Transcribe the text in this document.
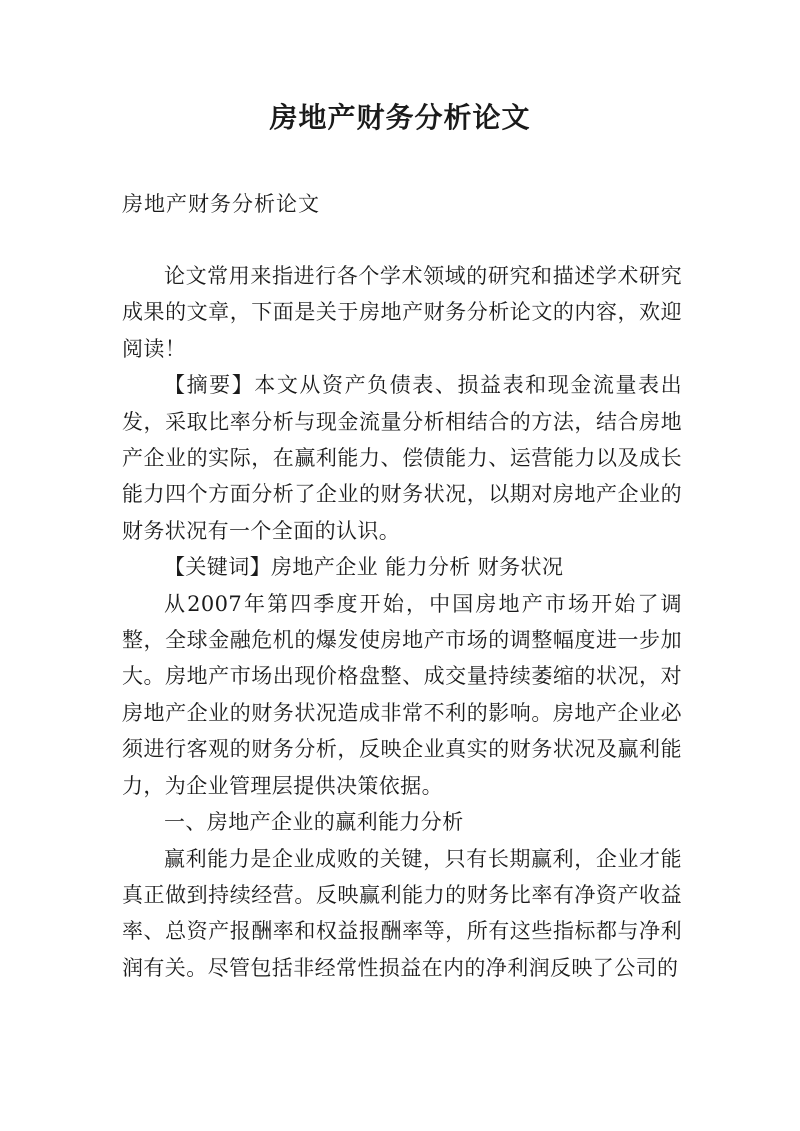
房地产财务分析论文
房地产财务分析论文

论文常用来指进行各个学术领域的研究和描述学术研究成果的文章，下面是关于房地产财务分析论文的内容，欢迎阅读！

【摘要】本文从资产负债表、损益表和现金流量表出发，采取比率分析与现金流量分析相结合的方法，结合房地产企业的实际，在赢利能力、偿债能力、运营能力以及成长能力四个方面分析了企业的财务状况，以期对房地产企业的财务状况有一个全面的认识。

【关键词】房地产企业 能力分析 财务状况

从2007年第四季度开始，中国房地产市场开始了调整，全球金融危机的爆发使房地产市场的调整幅度进一步加大。房地产市场出现价格盘整、成交量持续萎缩的状况，对房地产企业的财务状况造成非常不利的影响。房地产企业必须进行客观的财务分析，反映企业真实的财务状况及赢利能力，为企业管理层提供决策依据。

一、房地产企业的赢利能力分析

赢利能力是企业成败的关键，只有长期赢利，企业才能真正做到持续经营。反映赢利能力的财务比率有净资产收益率、总资产报酬率和权益报酬率等，所有这些指标都与净利润有关。尽管包括非经常性损益在内的净利润反映了公司的
